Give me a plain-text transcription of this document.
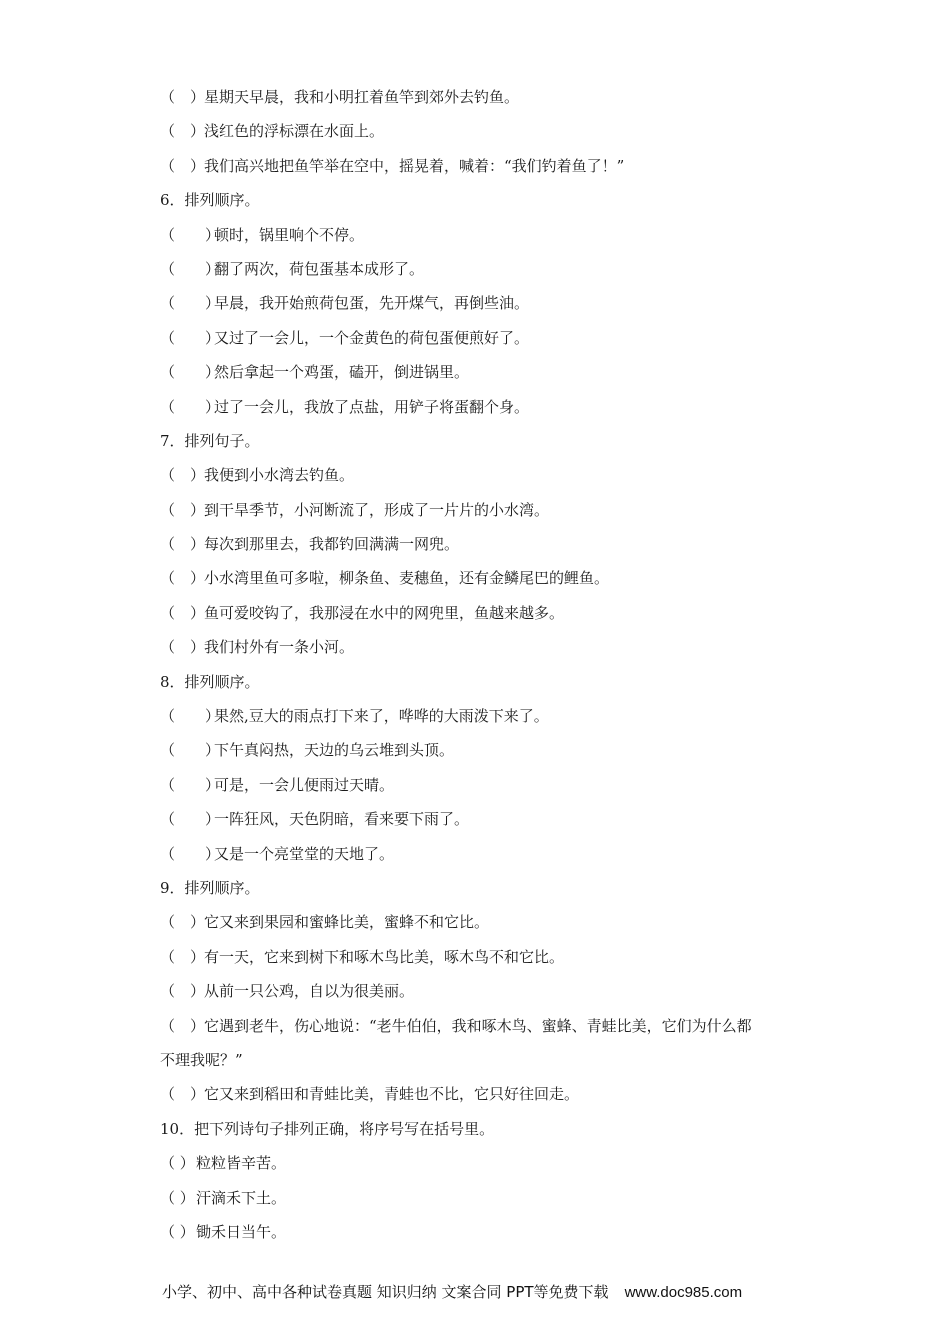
（　）星期天早晨，我和小明扛着鱼竿到郊外去钓鱼。
（　）浅红色的浮标漂在水面上。
（　）我们高兴地把鱼竿举在空中，摇晃着，喊着：“我们钓着鱼了！”
6．排列顺序。
（　　）顿时，锅里响个不停。
（　　）翻了两次，荷包蛋基本成形了。
（　　）早晨，我开始煎荷包蛋，先开煤气，再倒些油。
（　　）又过了一会儿，一个金黄色的荷包蛋便煎好了。
（　　）然后拿起一个鸡蛋，磕开，倒进锅里。
（　　）过了一会儿，我放了点盐，用铲子将蛋翻个身。
7．排列句子。
（　）我便到小水湾去钓鱼。
（　）到干旱季节，小河断流了，形成了一片片的小水湾。
（　）每次到那里去，我都钓回满满一网兜。
（　）小水湾里鱼可多啦，柳条鱼、麦穗鱼，还有金鳞尾巴的鲤鱼。
（　）鱼可爱咬钩了，我那浸在水中的网兜里，鱼越来越多。
（　）我们村外有一条小河。
8．排列顺序。
（　　）果然,豆大的雨点打下来了，哗哗的大雨泼下来了。
（　　）下午真闷热，天边的乌云堆到头顶。
（　　）可是，一会儿便雨过天晴。
（　　）一阵狂风，天色阴暗，看来要下雨了。
（　　）又是一个亮堂堂的天地了。
9．排列顺序。
（　）它又来到果园和蜜蜂比美，蜜蜂不和它比。
（　）有一天，它来到树下和啄木鸟比美，啄木鸟不和它比。
（　）从前一只公鸡，自以为很美丽。
（　）它遇到老牛，伤心地说：“老牛伯伯，我和啄木鸟、蜜蜂、青蛙比美，它们为什么都不理我呢？”
（　）它又来到稻田和青蛙比美，青蛙也不比，它只好往回走。
10．把下列诗句子排列正确，将序号写在括号里。
（ ）粒粒皆辛苦。
（ ）汗滴禾下土。
（ ）锄禾日当午。
小学、初中、高中各种试卷真题 知识归纳 文案合同 PPT等免费下载 www.doc985.com
